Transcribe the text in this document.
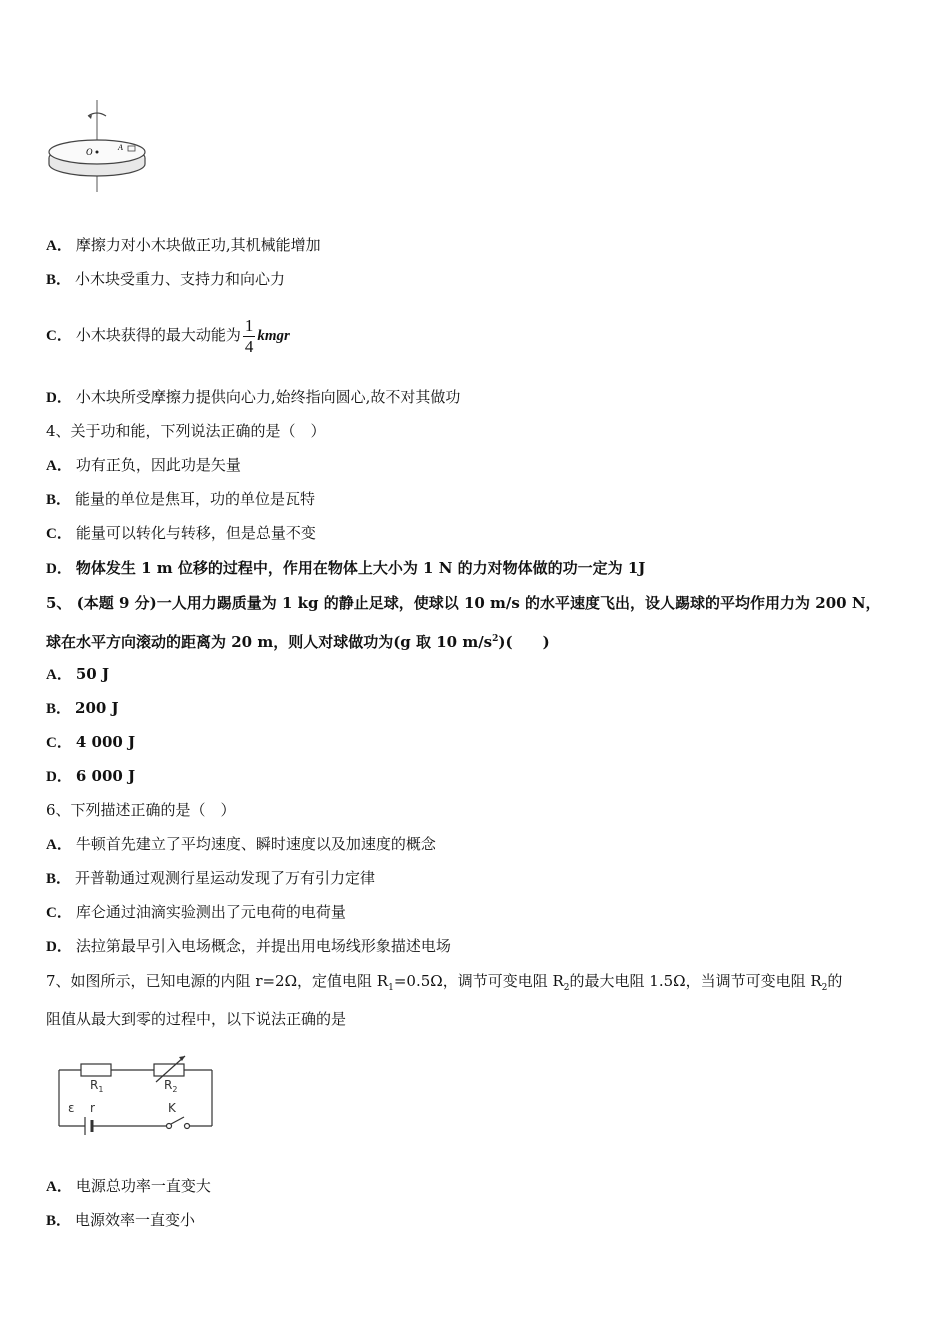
O	A
A． 摩擦力对小木块做正功,其机械能增加
B． 小木块受重力、支持力和向心力
C． 小木块获得的最大动能为 $\frac{1}{4}$ kmgr
D． 小木块所受摩擦力提供向心力,始终指向圆心,故不对其做功
4、关于功和能，下列说法正确的是（　）
A． 功有正负，因此功是矢量
B． 能量的单位是焦耳，功的单位是瓦特
C． 能量可以转化与转移，但是总量不变
D． 物体发生 1 m 位移的过程中，作用在物体上大小为 1 N 的力对物体做的功一定为 1J
5、 (本题 9 分)一人用力踢质量为 1 kg 的静止足球，使球以 10 m/s 的水平速度飞出，设人踢球的平均作用力为 200 N，
球在水平方向滚动的距离为 20 m，则人对球做功为(g 取 10 $m/s^2$)(　　)
A． 50 J
B． 200 J
C． 4 000 J
D． 6 000 J
6、下列描述正确的是（　）
A． 牛顿首先建立了平均速度、瞬时速度以及加速度的概念
B． 开普勒通过观测行星运动发现了万有引力定律
C． 库仑通过油滴实验测出了元电荷的电荷量
D． 法拉第最早引入电场概念，并提出用电场线形象描述电场
7、如图所示，已知电源的内阻 r=2Ω，定值电阻 $R_1=0.5\Omega$，调节可变电阻 $R_2$的最大电阻 1.5Ω，当调节可变电阻 $R_2$的
阻值从最大到零的过程中，以下说法正确的是
$R_1$	$R_2$
ε r	K
A． 电源总功率一直变大
B． 电源效率一直变小
